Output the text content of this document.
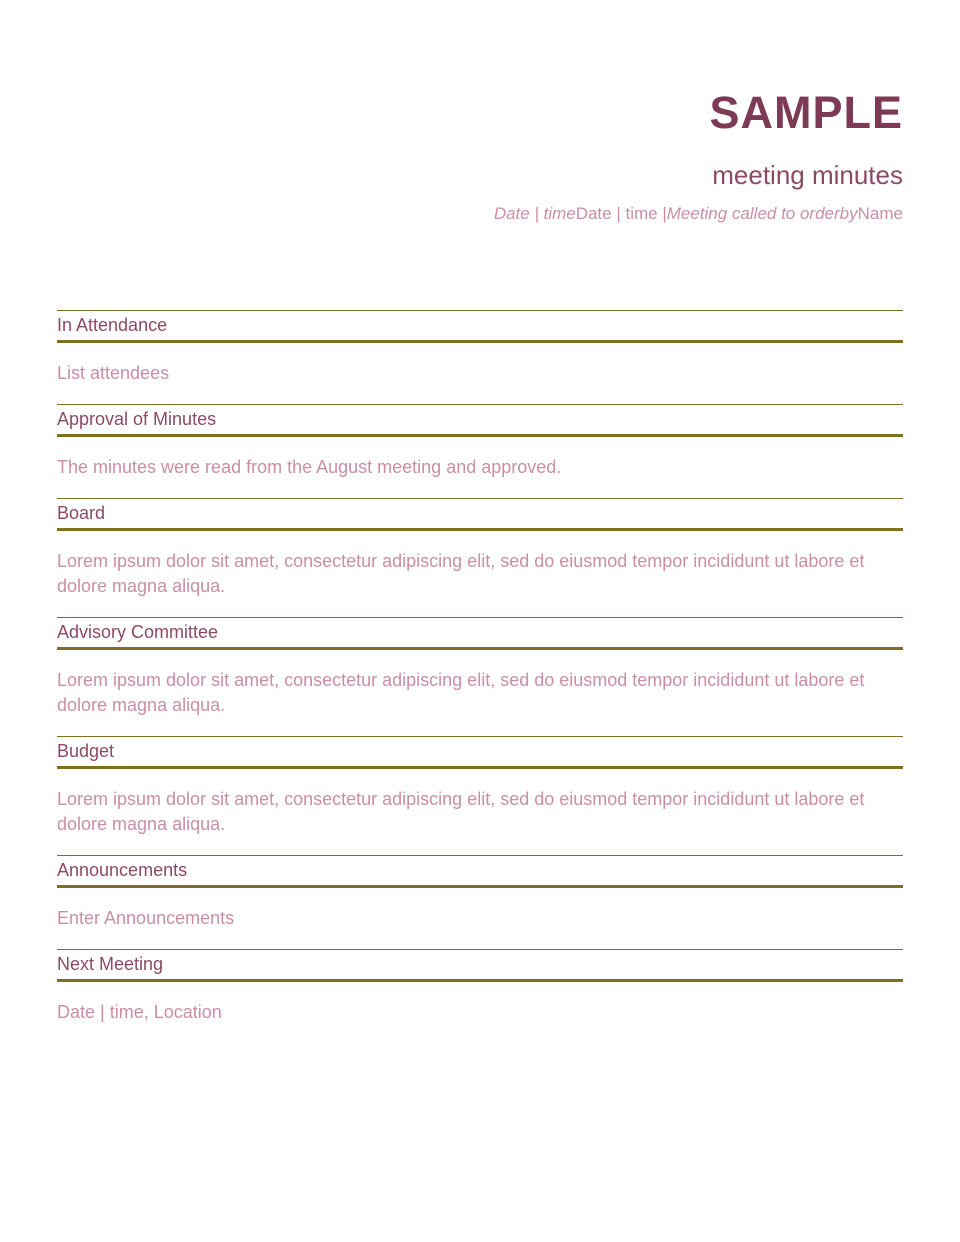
SAMPLE
meeting minutes
Date | timeDate | time |Meeting called to orderbyName
In Attendance

List attendees

Approval of Minutes

The minutes were read from the August meeting and approved.

Board

Lorem ipsum dolor sit amet, consectetur adipiscing elit, sed do eiusmod tempor incididunt ut labore et dolore magna aliqua.

Advisory Committee

Lorem ipsum dolor sit amet, consectetur adipiscing elit, sed do eiusmod tempor incididunt ut labore et dolore magna aliqua.

Budget

Lorem ipsum dolor sit amet, consectetur adipiscing elit, sed do eiusmod tempor incididunt ut labore et dolore magna aliqua.

Announcements

Enter Announcements

Next Meeting

Date | time, Location
